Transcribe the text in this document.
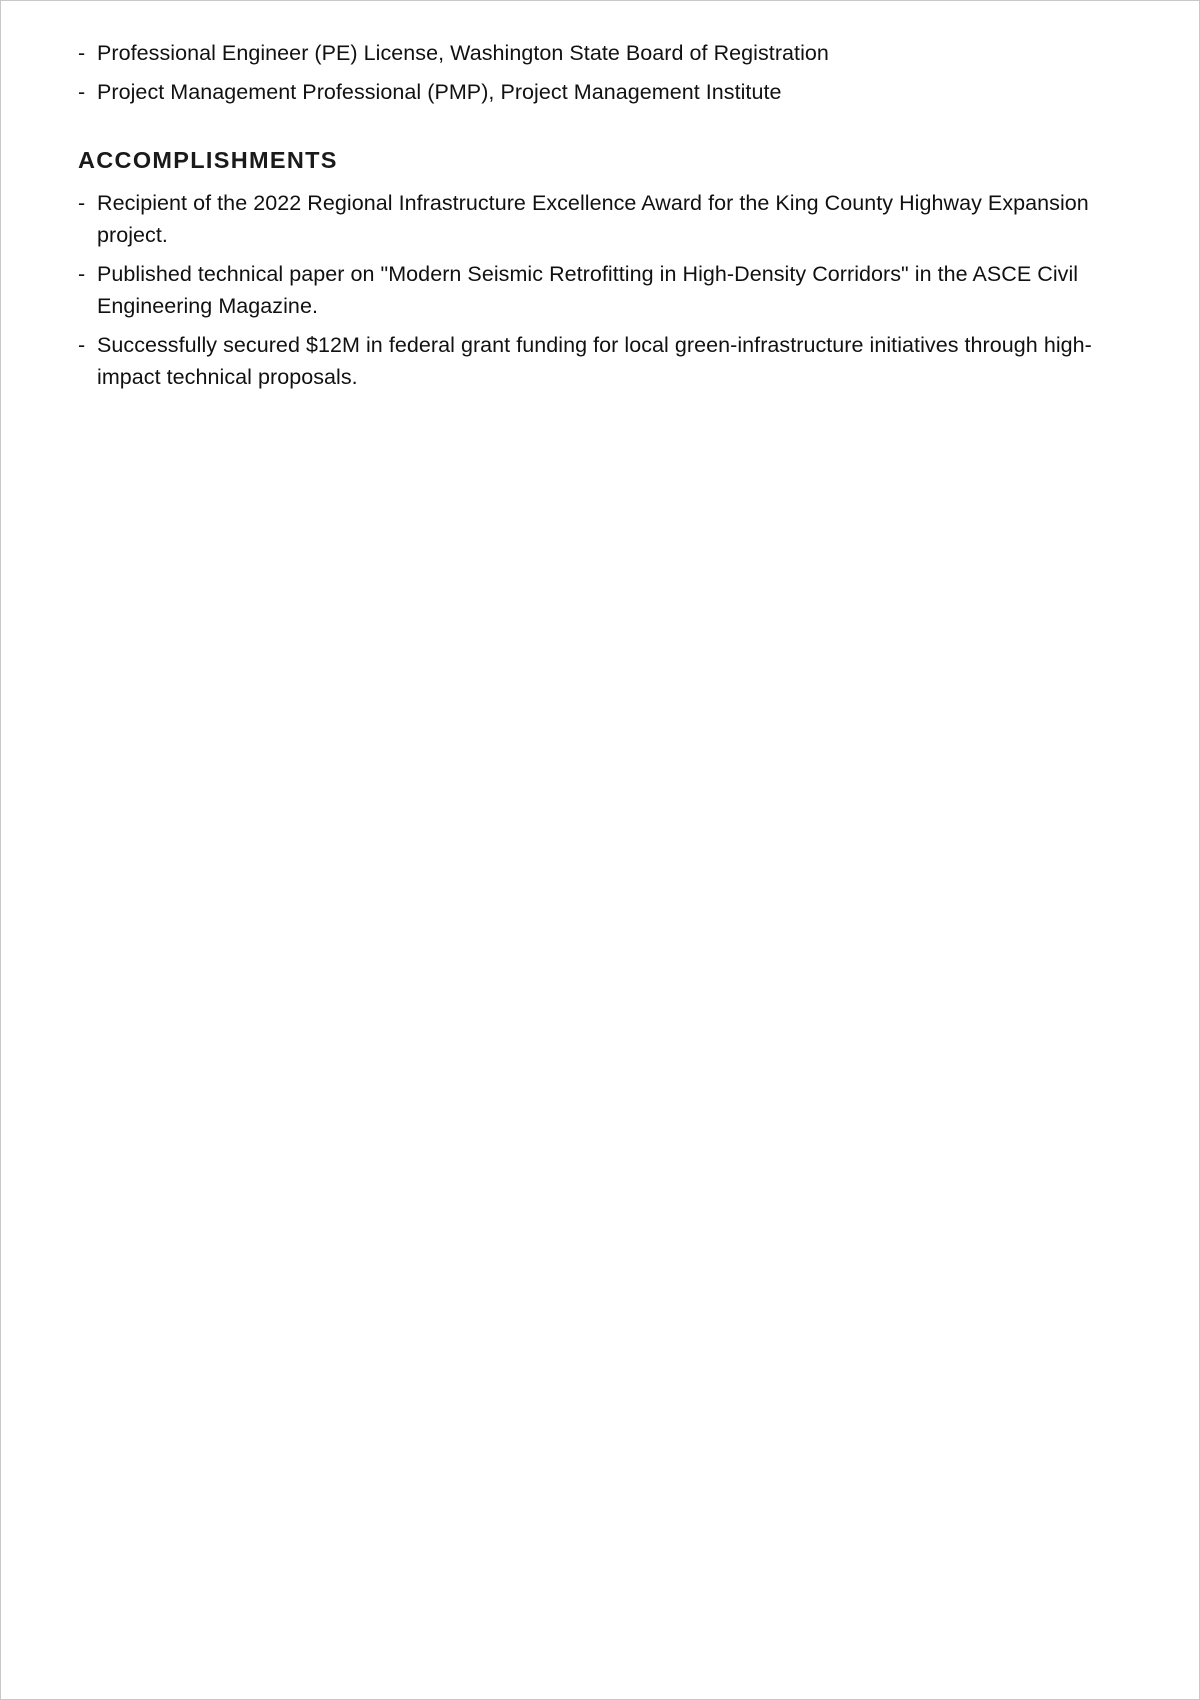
- Professional Engineer (PE) License, Washington State Board of Registration
- Project Management Professional (PMP), Project Management Institute
ACCOMPLISHMENTS
- Recipient of the 2022 Regional Infrastructure Excellence Award for the King County Highway Expansion project.
- Published technical paper on "Modern Seismic Retrofitting in High-Density Corridors" in the ASCE Civil Engineering Magazine.
- Successfully secured $12M in federal grant funding for local green-infrastructure initiatives through high-impact technical proposals.
